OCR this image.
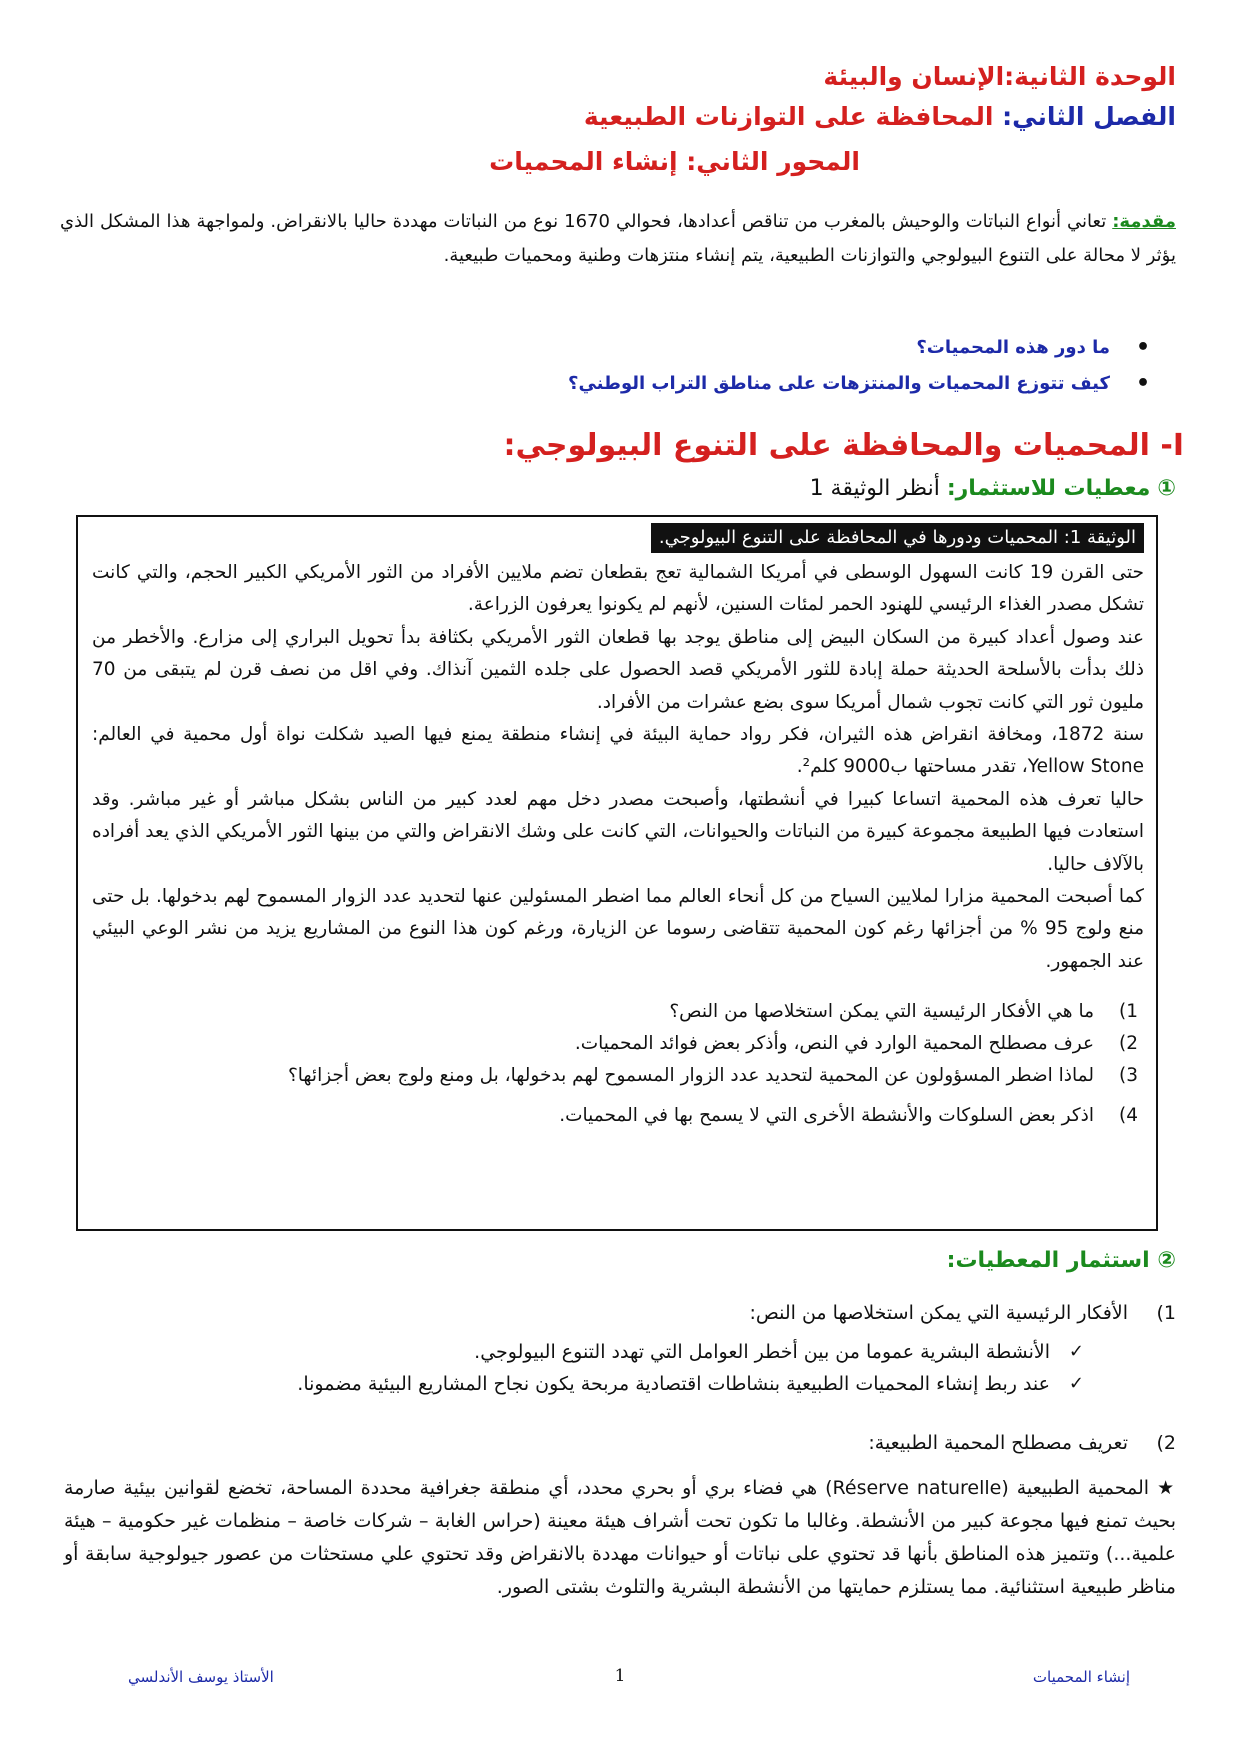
الوحدة الثانية:الإنسان والبيئة
الفصل الثاني: المحافظة على التوازنات الطبيعية
المحور الثاني: إنشاء المحميات
مقدمة: تعاني أنواع النباتات والوحيش بالمغرب من تناقص أعدادها، فحوالي 1670 نوع من النباتات مهددة حاليا بالانقراض. ولمواجهة هذا المشكل الذي يؤثر لا محالة على التنوع البيولوجي والتوازنات الطبيعية، يتم إنشاء منتزهات وطنية ومحميات طبيعية.
• ما دور هذه المحميات؟
• كيف تتوزع المحميات والمنتزهات على مناطق التراب الوطني؟
I- المحميات والمحافظة على التنوع البيولوجي:
① معطيات للاستثمار: أنظر الوثيقة 1
الوثيقة 1: المحميات ودورها في المحافظة على التنوع البيولوجي.

حتى القرن 19 كانت السهول الوسطى في أمريكا الشمالية تعج بقطعان تضم ملايين الأفراد من الثور الأمريكي الكبير الحجم، والتي كانت تشكل مصدر الغذاء الرئيسي للهنود الحمر لمئات السنين، لأنهم لم يكونوا يعرفون الزراعة.

عند وصول أعداد كبيرة من السكان البيض إلى مناطق يوجد بها قطعان الثور الأمريكي بكثافة بدأ تحويل البراري إلى مزارع. والأخطر من ذلك بدأت بالأسلحة الحديثة حملة إبادة للثور الأمريكي قصد الحصول على جلده الثمين آنذاك. وفي اقل من نصف قرن لم يتبقى من 70 مليون ثور التي كانت تجوب شمال أمريكا سوى بضع عشرات من الأفراد.

سنة 1872، ومخافة انقراض هذه الثيران، فكر رواد حماية البيئة في إنشاء منطقة يمنع فيها الصيد شكلت نواة أول محمية في العالم: Yellow Stone، تقدر مساحتها ب9000 كلم².

حاليا تعرف هذه المحمية اتساعا كبيرا في أنشطتها، وأصبحت مصدر دخل مهم لعدد كبير من الناس بشكل مباشر أو غير مباشر. وقد استعادت فيها الطبيعة مجموعة كبيرة من النباتات والحيوانات، التي كانت على وشك الانقراض والتي من بينها الثور الأمريكي الذي يعد أفراده بالآلاف حاليا.

كما أصبحت المحمية مزارا لملايين السياح من كل أنحاء العالم مما اضطر المسئولين عنها لتحديد عدد الزوار المسموح لهم بدخولها. بل حتى منع ولوج 95 % من أجزائها رغم كون المحمية تتقاضى رسوما عن الزيارة، ورغم كون هذا النوع من المشاريع يزيد من نشر الوعي البيئي عند الجمهور.

1)
ما هي الأفكار الرئيسية التي يمكن استخلاصها من النص؟
2)
عرف مصطلح المحمية الوارد في النص، وأذكر بعض فوائد المحميات.
3)
لماذا اضطر المسؤولون عن المحمية لتحديد عدد الزوار المسموح لهم بدخولها، بل ومنع ولوج بعض أجزائها؟
4)
اذكر بعض السلوكات والأنشطة الأخرى التي لا يسمح بها في المحميات.
② استثمار المعطيات:
1)
الأفكار الرئيسية التي يمكن استخلاصها من النص:
✓ الأنشطة البشرية عموما من بين أخطر العوامل التي تهدد التنوع البيولوجي.
✓ عند ربط إنشاء المحميات الطبيعية بنشاطات اقتصادية مربحة يكون نجاح المشاريع البيئية مضمونا.
2)تعريف مصطلح المحمية الطبيعية:
★المحمية الطبيعية (Réserve naturelle) هي فضاء بري أو بحري محدد، أي منطقة جغرافية محددة المساحة، تخضع لقوانين بيئية صارمة بحيث تمنع فيها مجوعة كبير من الأنشطة. وغالبا ما تكون تحت أشراف هيئة معينة (حراس الغابة – شركات خاصة – منظمات غير حكومية – هيئة علمية...) وتتميز هذه المناطق بأنها قد تحتوي على نباتات أو حيوانات مهددة بالانقراض وقد تحتوي علي مستحثات من عصور جيولوجية سابقة أو مناظر طبيعية استثنائية. مما يستلزم حمايتها من الأنشطة البشرية والتلوث بشتى الصور.
إنشاء المحميات
1
الأستاذ يوسف الأندلسي
